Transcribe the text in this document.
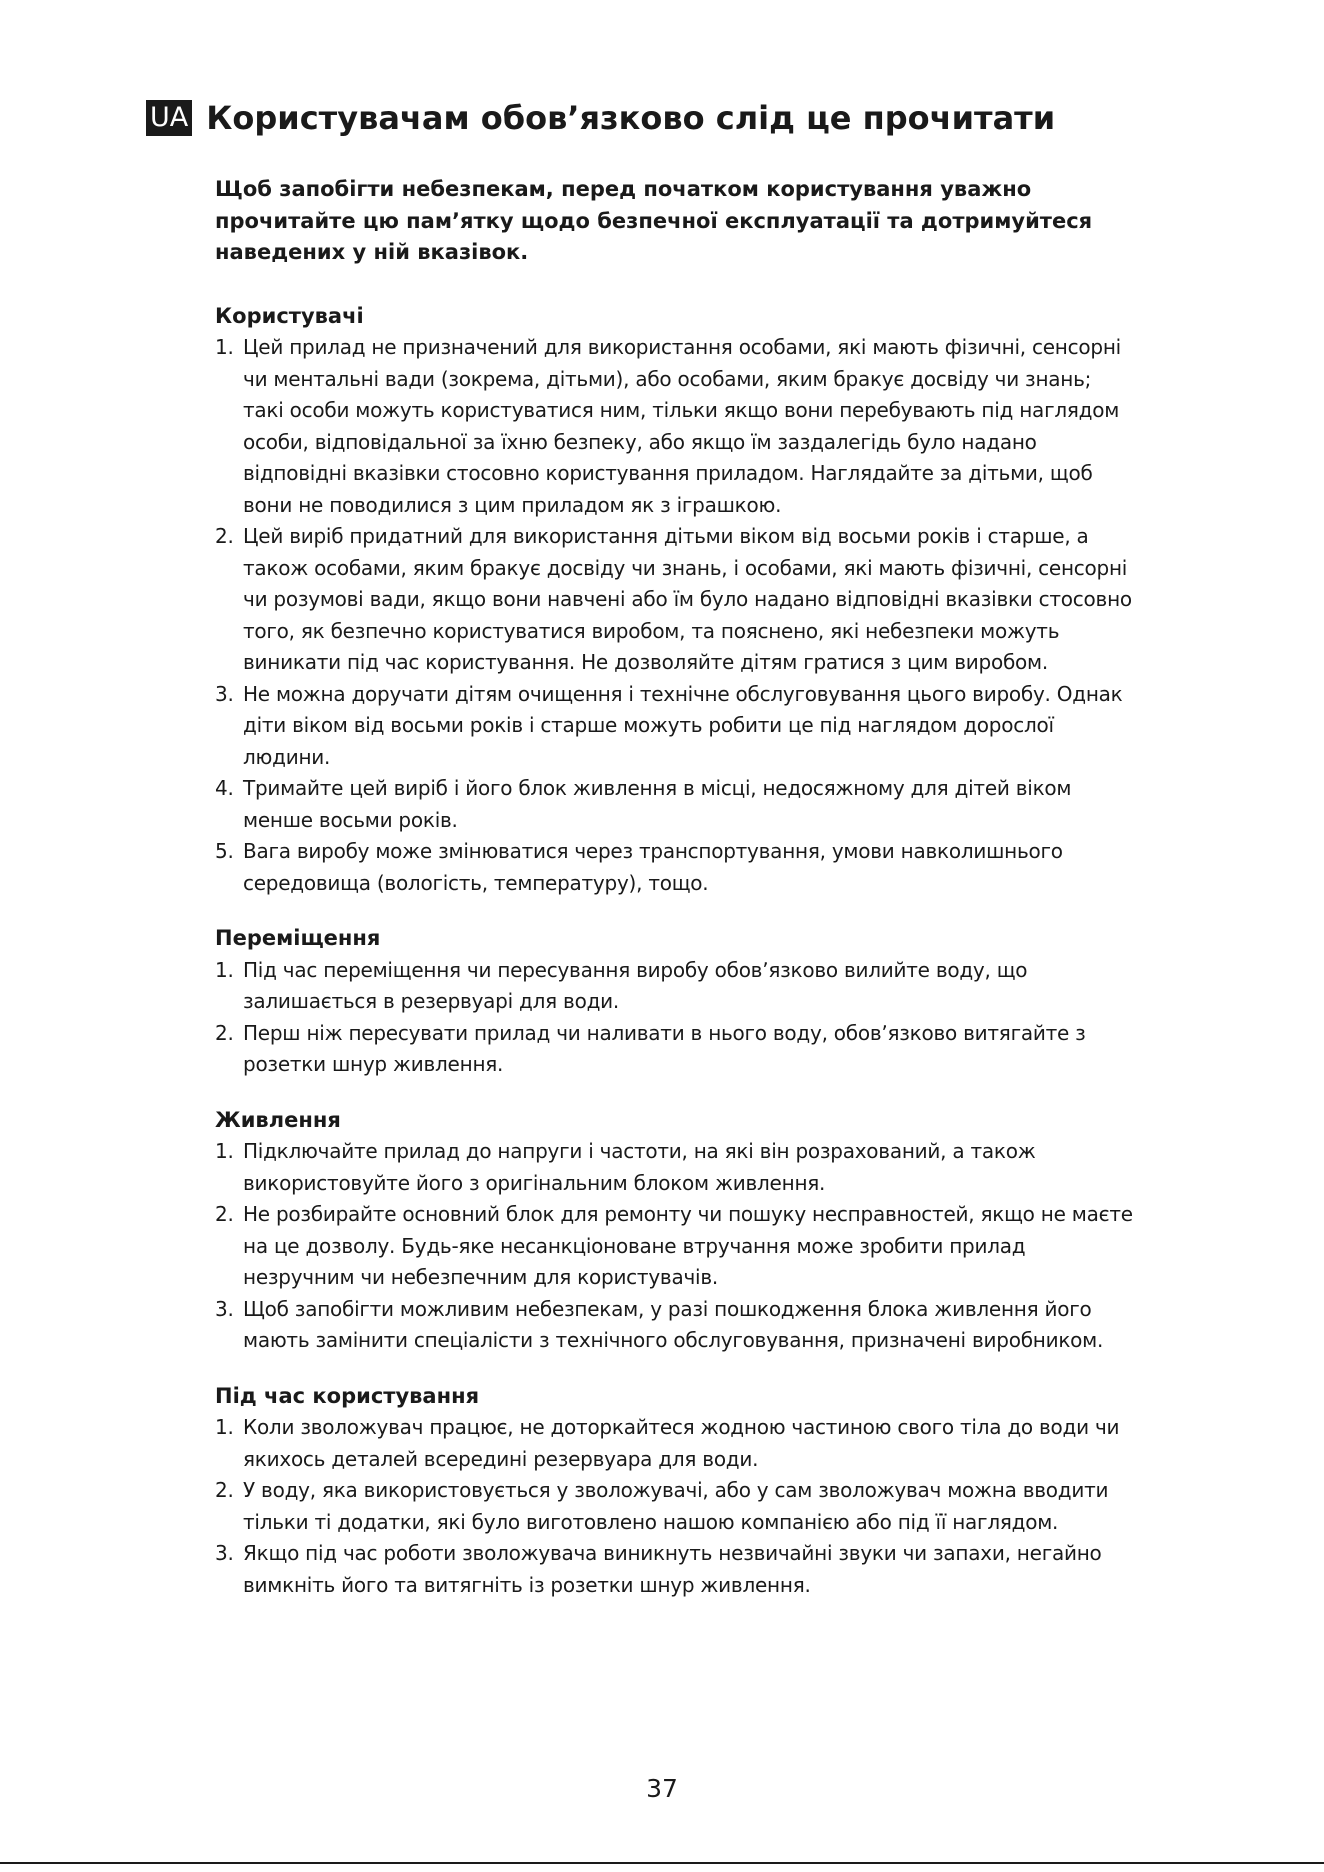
UA Користувачам обовʼязково слід це прочитати

Щоб запобігти небезпекам, перед початком користування уважно прочитайте цю памʼятку щодо безпечної експлуатації та дотримуйтеся наведених у ній вказівок.

Користувачі

1. Цей прилад не призначений для використання особами, які мають фізичні, сенсорні чи ментальні вади (зокрема, дітьми), або особами, яким бракує досвіду чи знань; такі особи можуть користуватися ним, тільки якщо вони перебувають під наглядом особи, відповідальної за їхню безпеку, або якщо їм заздалегідь було надано відповідні вказівки стосовно користування приладом. Наглядайте за дітьми, щоб вони не поводилися з цим приладом як з іграшкою.
2. Цей виріб придатний для використання дітьми віком від восьми років і старше, а також особами, яким бракує досвіду чи знань, і особами, які мають фізичні, сенсорні чи розумові вади, якщо вони навчені або їм було надано відповідні вказівки стосовно того, як безпечно користуватися виробом, та пояснено, які небезпеки можуть виникати під час користування. Не дозволяйте дітям гратися з цим виробом.
3. Не можна доручати дітям очищення і технічне обслуговування цього виробу. Однак діти віком від восьми років і старше можуть робити це під наглядом дорослої людини.
4. Тримайте цей виріб і його блок живлення в місці, недосяжному для дітей віком менше восьми років.
5. Вага виробу може змінюватися через транспортування, умови навколишнього середовища (вологість, температуру), тощо.

Переміщення

1. Під час переміщення чи пересування виробу обовʼязково вилийте воду, що залишається в резервуарі для води.
2. Перш ніж пересувати прилад чи наливати в нього воду, обовʼязково витягайте з розетки шнур живлення.

Живлення

1. Підключайте прилад до напруги і частоти, на які він розрахований, а також використовуйте його з оригінальним блоком живлення.
2. Не розбирайте основний блок для ремонту чи пошуку несправностей, якщо не маєте на це дозволу. Будь-яке несанкціоноване втручання може зробити прилад незручним чи небезпечним для користувачів.
3. Щоб запобігти можливим небезпекам, у разі пошкодження блока живлення його мають замінити спеціалісти з технічного обслуговування, призначені виробником.

Під час користування

1. Коли зволожувач працює, не доторкайтеся жодною частиною свого тіла до води чи якихось деталей всередині резервуара для води.
2. У воду, яка використовується у зволожувачі, або у сам зволожувач можна вводити тільки ті додатки, які було виготовлено нашою компанією або під її наглядом.
3. Якщо під час роботи зволожувача виникнуть незвичайні звуки чи запахи, негайно вимкніть його та витягніть із розетки шнур живлення.
37
